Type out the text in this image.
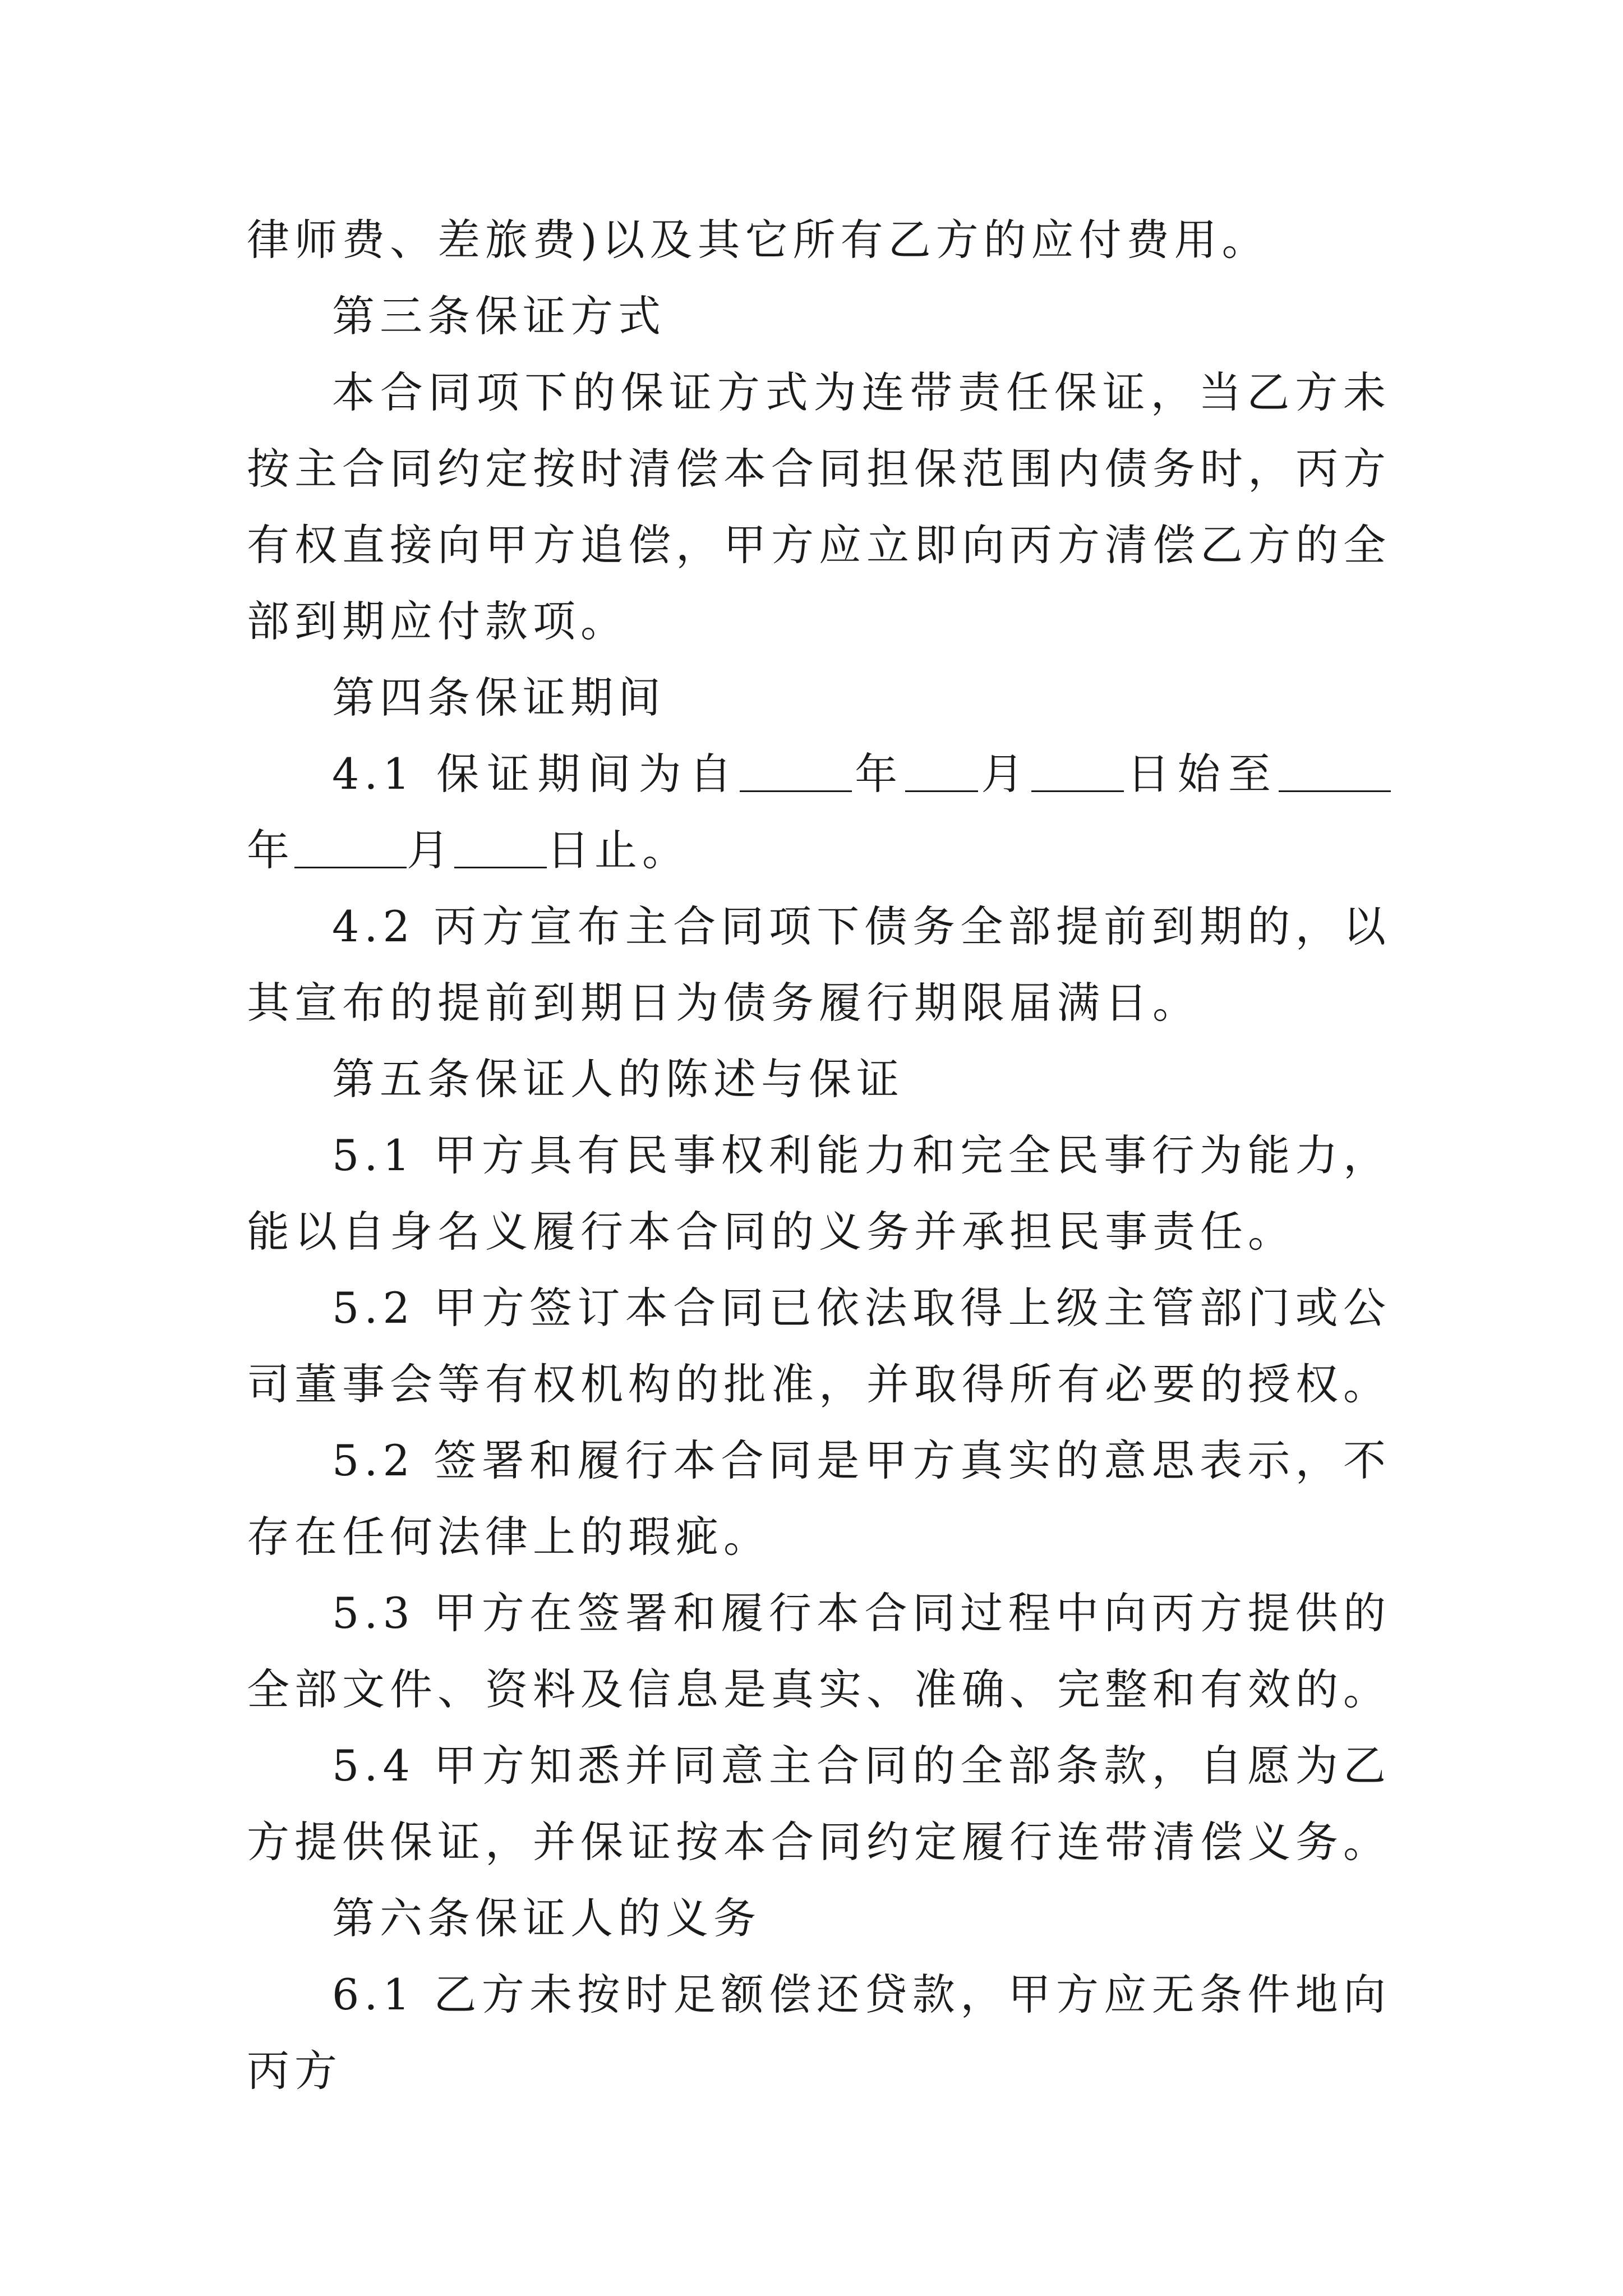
律师费、差旅费)以及其它所有乙方的应付费用。

第三条保证方式

本合同项下的保证方式为连带责任保证，当乙方未按主合同约定按时清偿本合同担保范围内债务时，丙方有权直接向甲方追偿，甲方应立即向丙方清偿乙方的全部到期应付款项。

第四条保证期间

4.1 保证期间为自	年 月 日始至年	月 日止。

4.2 丙方宣布主合同项下债务全部提前到期的，以其宣布的提前到期日为债务履行期限届满日。

第五条保证人的陈述与保证

5.1 甲方具有民事权利能力和完全民事行为能力，能以自身名义履行本合同的义务并承担民事责任。

5.2 甲方签订本合同已依法取得上级主管部门或公司董事会等有权机构的批准，并取得所有必要的授权。

5.2 签署和履行本合同是甲方真实的意思表示，不存在任何法律上的瑕疵。

5.3 甲方在签署和履行本合同过程中向丙方提供的全部文件、资料及信息是真实、准确、完整和有效的。

5.4 甲方知悉并同意主合同的全部条款，自愿为乙方提供保证，并保证按本合同约定履行连带清偿义务。

第六条保证人的义务

6.1 乙方未按时足额偿还贷款，甲方应无条件地向丙方
